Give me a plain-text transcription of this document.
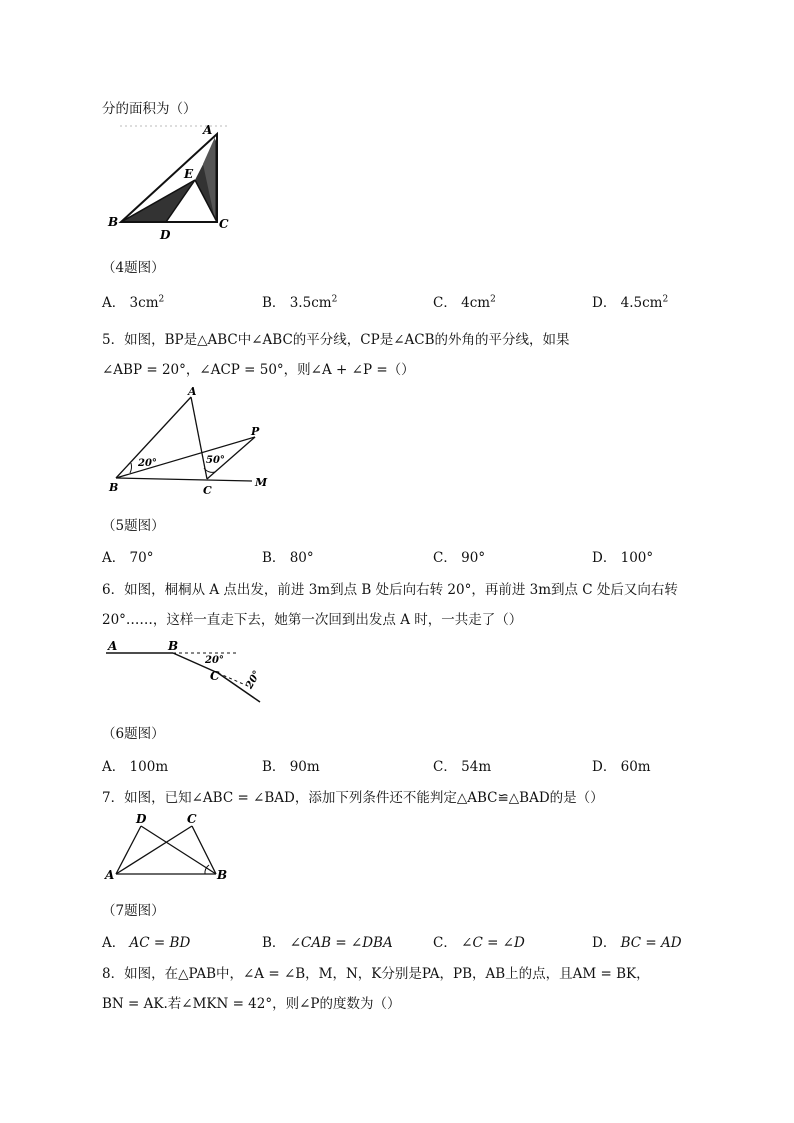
分的面积为（）
A
E
B
D
C
（4题图）
A． $3cm^2$	B． $3.5cm^2$	C． $4cm^2$	D． $4.5cm^2$
5．如图，BP是△ABC中∠ABC的平分线，CP是∠ACB的外角的平分线，如果
∠ABP = 20°，∠ACP = 50°，则∠A + ∠P =（）
A
P
B	C
M
20°	50°
（5题图）
A． 70°	B． 80°	C． 90°	D． 100°
6．如图，桐桐从 A 点出发，前进 3m到点 B 处后向右转 20°，再前进 3m到点 C 处后又向右转
20°……，这样一直走下去，她第一次回到出发点 A 时，一共走了（）
A	B
C
20°
20°
（6题图）
A． 100m	B． 90m	C． 54m	D． 60m
7．如图，已知∠ABC = ∠BAD，添加下列条件还不能判定△ABC≌△BAD的是（）
D	C
A	B
（7题图）
A． AC = BD	B． ∠CAB = ∠DBA	C． ∠C = ∠D	D． BC = AD
8．如图，在△PAB中，∠A = ∠B，M，N，K分别是PA，PB，AB上的点，且AM = BK，
BN = AK.若∠MKN = 42°，则∠P的度数为（）
